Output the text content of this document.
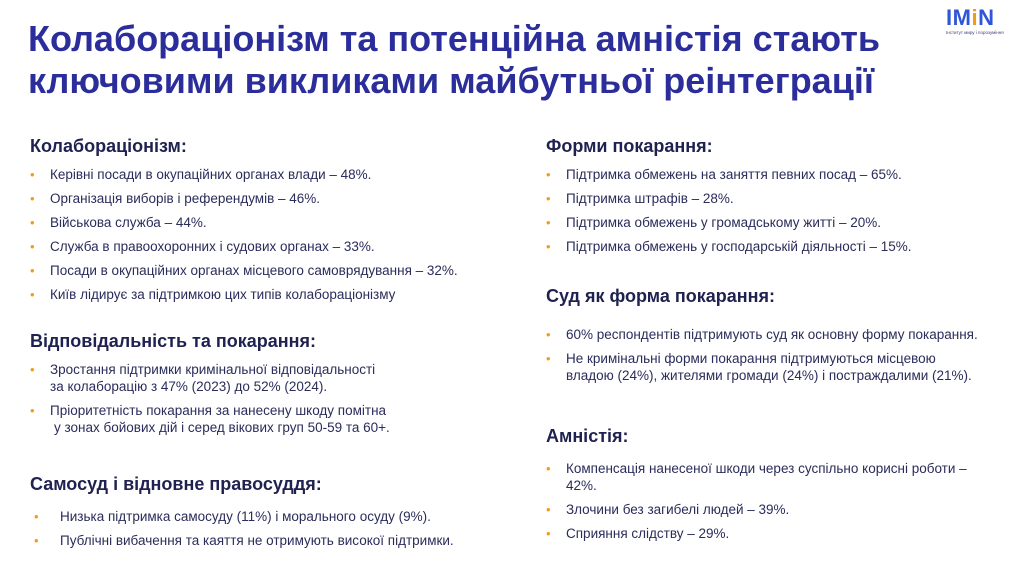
Колабораціонізм та потенційна амністія стають ключовими викликами майбутньої реінтеграції
IMiN
Інститут миру і порозуміння
Колабораціонізм:
• Керівні посади в окупаційних органах влади – 48%.
• Організація виборів і референдумів – 46%.
• Військова служба – 44%.
• Служба в правоохоронних і судових органах – 33%.
• Посади в окупаційних органах місцевого самоврядування – 32%.
• Київ лідирує за підтримкою цих типів колабораціонізму
Відповідальність та покарання:
• Зростання підтримки кримінальної відповідальності
за колаборацію з 47% (2023) до 52% (2024).
• Пріоритетність покарання за нанесену шкоду помітна

у зонах бойових дій і серед вікових груп 50-59 та 60+.
Самосуд і відновне правосуддя:
• Низька підтримка самосуду (11%) і морального осуду (9%).
• Публічні вибачення та каяття не отримують високої підтримки.
Форми покарання:
• Підтримка обмежень на заняття певних посад – 65%.
• Підтримка штрафів – 28%.
• Підтримка обмежень у громадському житті – 20%.
• Підтримка обмежень у господарській діяльності – 15%.
Суд як форма покарання:
• 60% респондентів підтримують суд як основну форму покарання.
• Не кримінальні форми покарання підтримуються місцевою
владою (24%), жителями громади (24%) і постраждалими (21%).
Амністія:
• Компенсація нанесеної шкоди через суспільно корисні роботи –
42%.
• Злочини без загибелі людей – 39%.
• Сприяння слідству – 29%.
